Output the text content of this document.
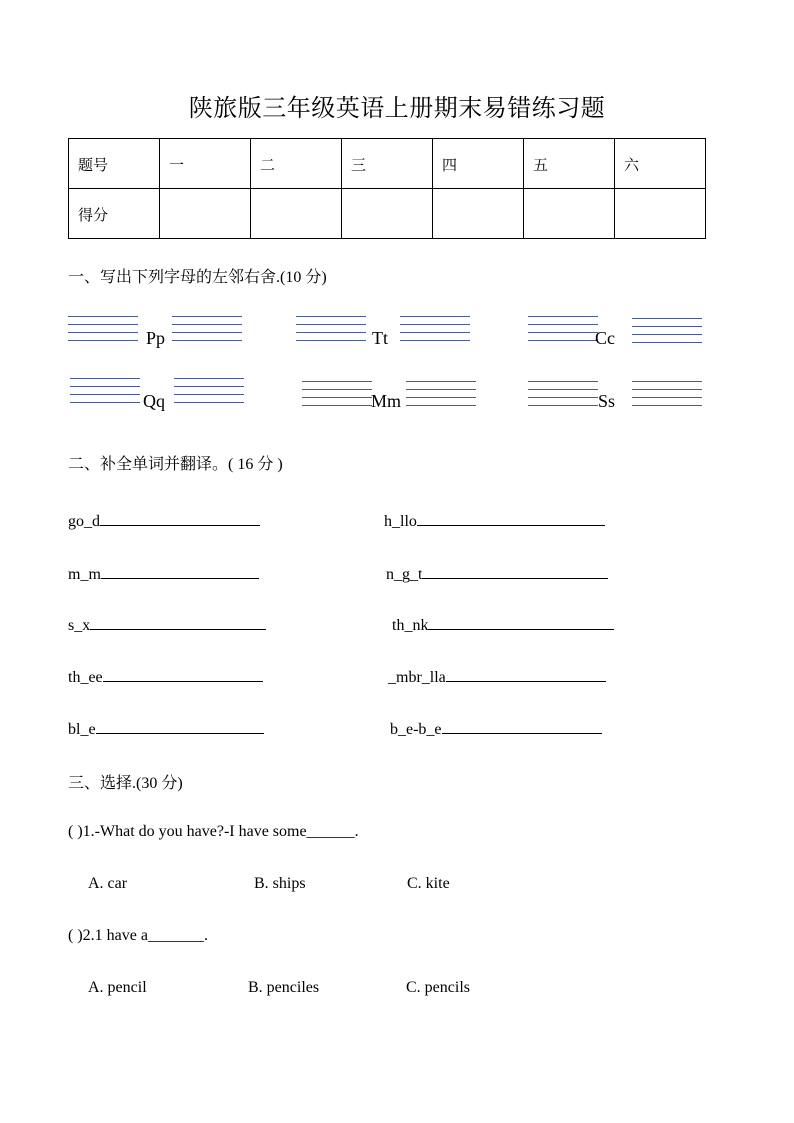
陕旅版三年级英语上册期末易错练习题
题号	一	二	三	四	五	六
得分						
一、写出下列字母的左邻右舍.(10 分)
Pp	Tt	Cc
Qq	Mm	Ss
二、补全单词并翻译。( 16 分 )
go_d	h_llo
m_m	n_g_t
s_x	th_nk
th_ee	_mbr_lla
bl_e	b_e-b_e
三、选择.(30 分)
( )1.-What do you have?-I have some______.
A. car	B. ships	C. kite
( )2.1 have a_______.
A. pencil	B. penciles	C. pencils
